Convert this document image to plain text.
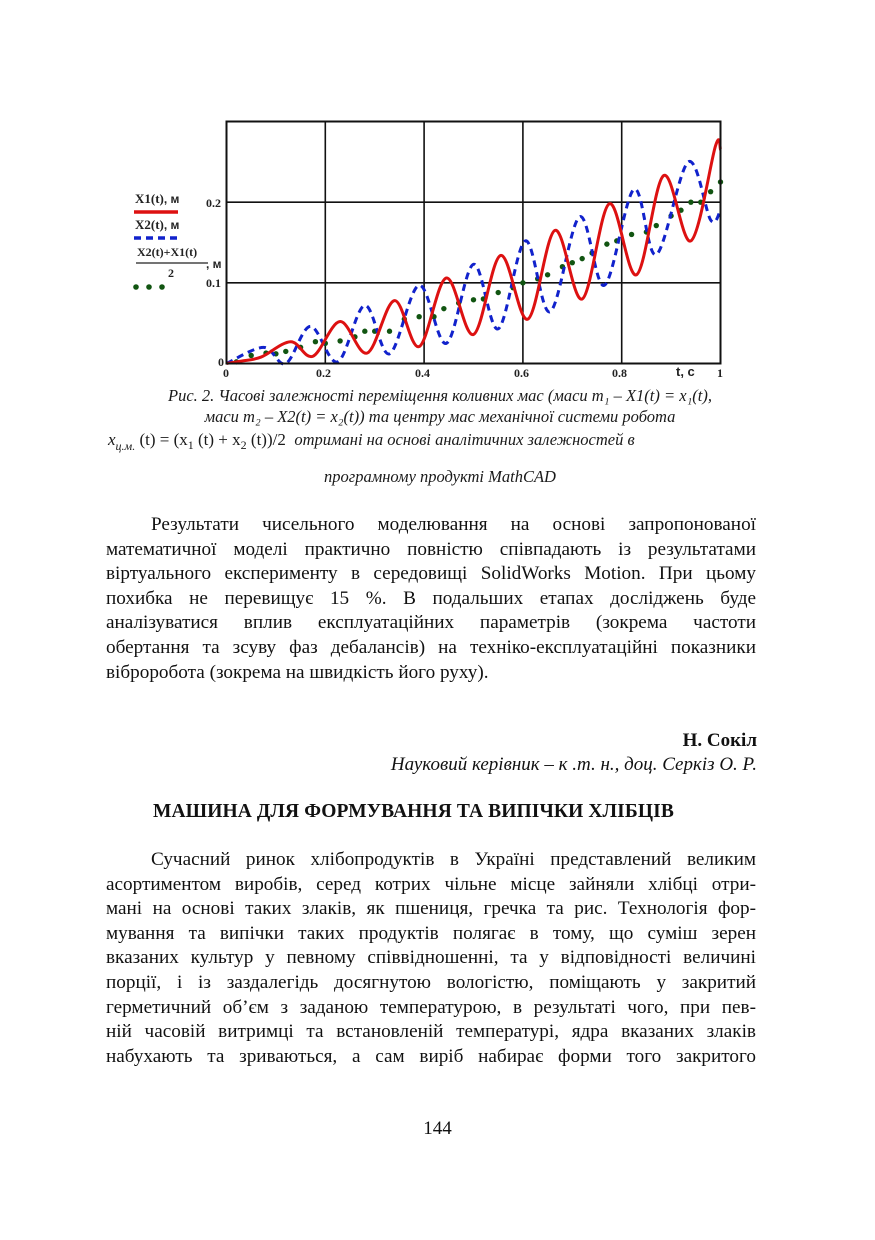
X1(t), м
X2(t), м
X2(t)+X1(t)
2
, м
0
0.1
0.2
0	0.2	0.4	0.6	0.8	1
t, с
Рис. 2. Часові залежності переміщення коливних мас (маси m₁ – X1(t) = x₁(t),
маси m₂ – X2(t) = x₂(t)) та центру мас механічної системи робота
$x_{ц.м.}$ $(t) = (x_1$ $(t) + x_2$ (t))/2 отримані на основі аналітичних залежностей в
програмному продукті MathCAD
Результати чисельного моделювання на основі запропонованої
математичної моделі практично повністю співпадають із результатами
віртуального експерименту в середовищі SolidWorks Motion. При цьому
похибка не перевищує 15 %. В подальших етапах досліджень буде
аналізуватися вплив експлуатаційних параметрів (зокрема частоти
обертання та зсуву фаз дебалансів) на техніко-експлуатаційні показники
віброробота (зокрема на швидкість його руху).
Н. Сокіл
Науковий керівник – к .т. н., доц. Серкіз О. Р.
МАШИНА ДЛЯ ФОРМУВАННЯ ТА ВИПІЧКИ ХЛІБЦІВ
Сучасний ринок хлібопродуктів в Україні представлений великим
асортиментом виробів, серед котрих чільне місце зайняли хлібці отри-
мані на основі таких злаків, як пшениця, гречка та рис. Технологія фор-
мування та випічки таких продуктів полягає в тому, що суміш зерен
вказаних культур у певному співвідношенні, та у відповідності величині
порції, і із заздалегідь досягнутою вологістю, поміщають у закритий
герметичний об’єм з заданою температурою, в результаті чого, при пев-
ній часовій витримці та встановленій температурі, ядра вказаних злаків
набухають та зриваються, а сам виріб набирає форми того закритого
144
